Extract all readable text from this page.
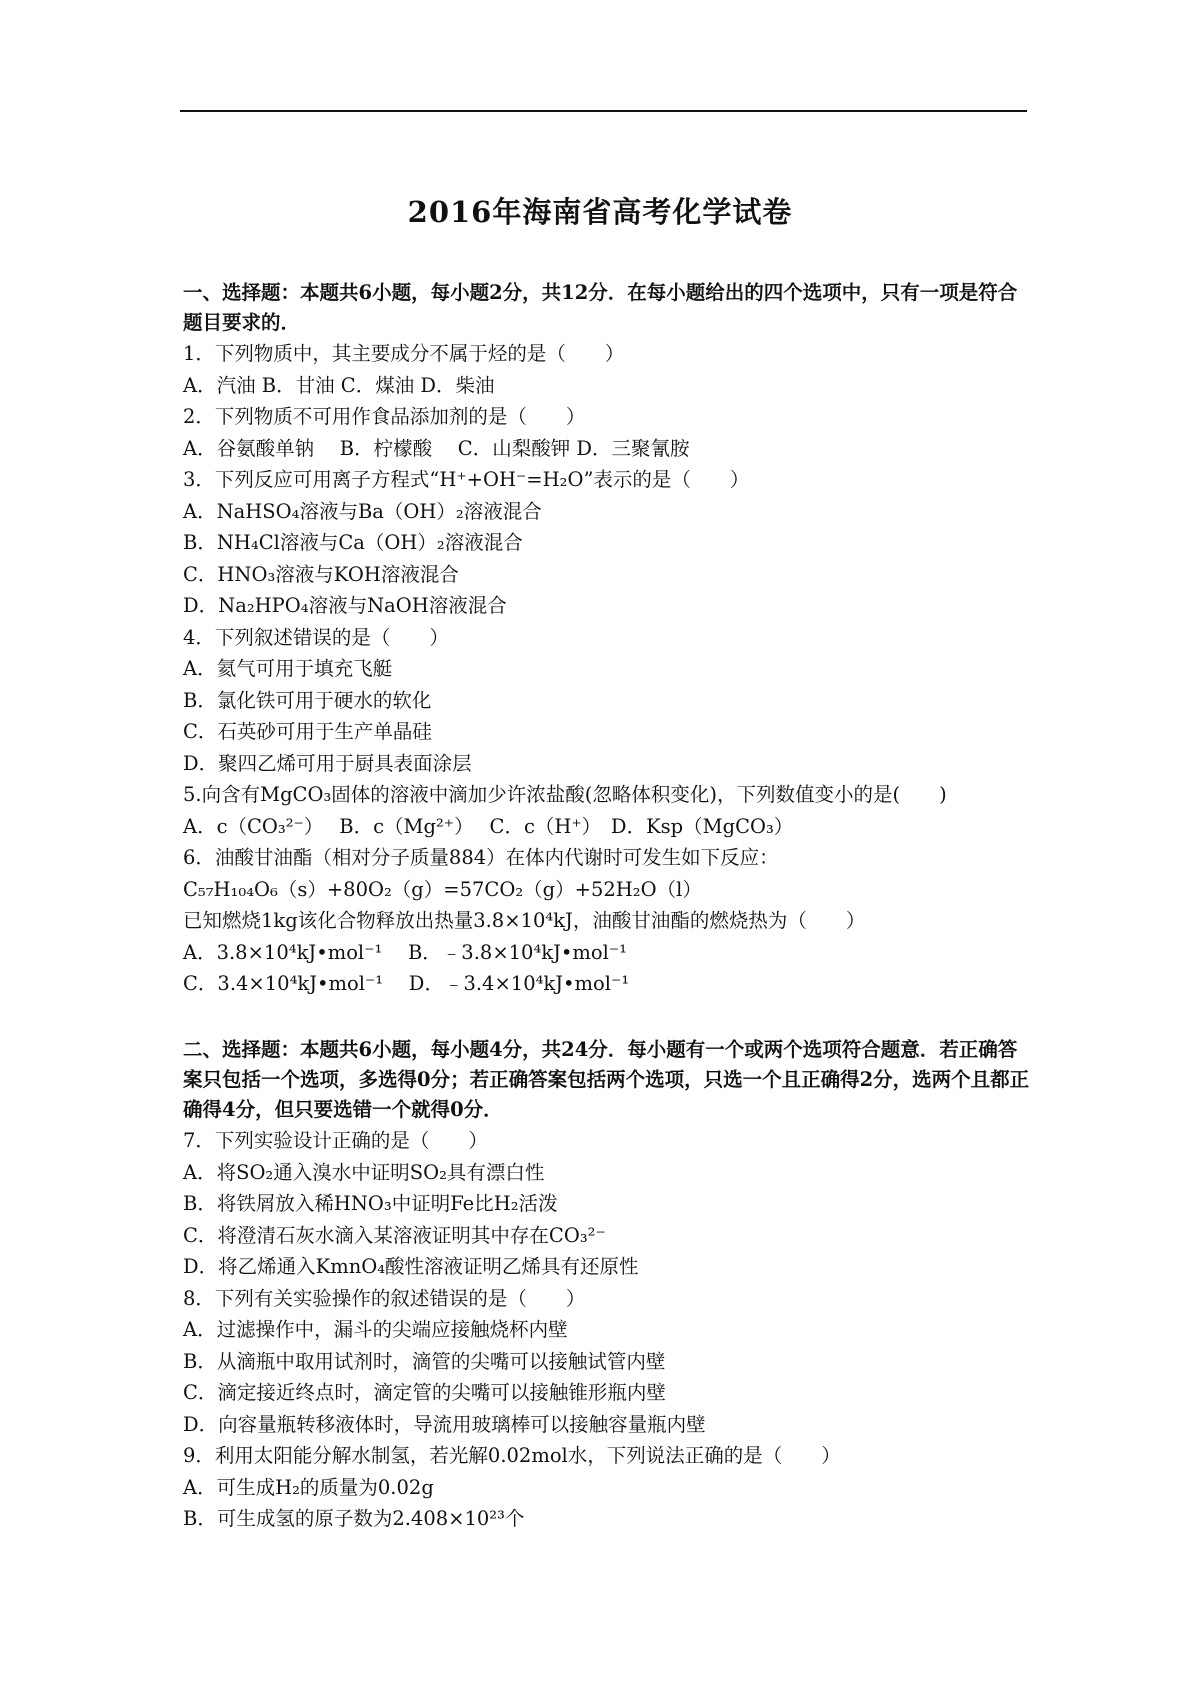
2016年海南省高考化学试卷

一、选择题：本题共6小题，每小题2分，共12分．在每小题给出的四个选项中，只有一项是符合题目要求的．

1．下列物质中，其主要成分不属于烃的是（　　）

A．汽油 B．甘油 C．煤油 D．柴油

2．下列物质不可用作食品添加剂的是（　　）

A．谷氨酸单钠　 B．柠檬酸　 C．山梨酸钾 D．三聚氰胺

3．下列反应可用离子方程式“H⁺+OH⁻=H₂O”表示的是（　　）

A．NaHSO₄溶液与Ba（OH）₂溶液混合

B．NH₄Cl溶液与Ca（OH）₂溶液混合

C．HNO₃溶液与KOH溶液混合

D．Na₂HPO₄溶液与NaOH溶液混合

4．下列叙述错误的是（　　）

A．氦气可用于填充飞艇

B．氯化铁可用于硬水的软化

C．石英砂可用于生产单晶硅

D．聚四乙烯可用于厨具表面涂层

5.向含有MgCO₃固体的溶液中滴加少许浓盐酸(忽略体积变化)，下列数值变小的是(　　)

A．c（CO₃²⁻）　 B．c（Mg²⁺）　 C．c（H⁺）　D．Ksp（MgCO₃）

6．油酸甘油酯（相对分子质量884）在体内代谢时可发生如下反应：

C₅₇H₁₀₄O₆（s）+80O₂（g）=57CO₂（g）+52H₂O（l）

已知燃烧1kg该化合物释放出热量3.8×10⁴kJ，油酸甘油酯的燃烧热为（　　）

A．3.8×10⁴kJ•mol⁻¹　 B．﹣3.8×10⁴kJ•mol⁻¹

C．3.4×10⁴kJ•mol⁻¹　 D．﹣3.4×10⁴kJ•mol⁻¹

二、选择题：本题共6小题，每小题4分，共24分．每小题有一个或两个选项符合题意．若正确答案只包括一个选项，多选得0分；若正确答案包括两个选项，只选一个且正确得2分，选两个且都正确得4分，但只要选错一个就得0分．

7．下列实验设计正确的是（　　）

A．将SO₂通入溴水中证明SO₂具有漂白性

B．将铁屑放入稀HNO₃中证明Fe比H₂活泼

C．将澄清石灰水滴入某溶液证明其中存在CO₃²⁻

D．将乙烯通入KmnO₄酸性溶液证明乙烯具有还原性

8．下列有关实验操作的叙述错误的是（　　）

A．过滤操作中，漏斗的尖端应接触烧杯内壁

B．从滴瓶中取用试剂时，滴管的尖嘴可以接触试管内壁

C．滴定接近终点时，滴定管的尖嘴可以接触锥形瓶内壁

D．向容量瓶转移液体时，导流用玻璃棒可以接触容量瓶内壁

9．利用太阳能分解水制氢，若光解0.02mol水，下列说法正确的是（　　）

A．可生成H₂的质量为0.02g

B．可生成氢的原子数为2.408×10²³个
